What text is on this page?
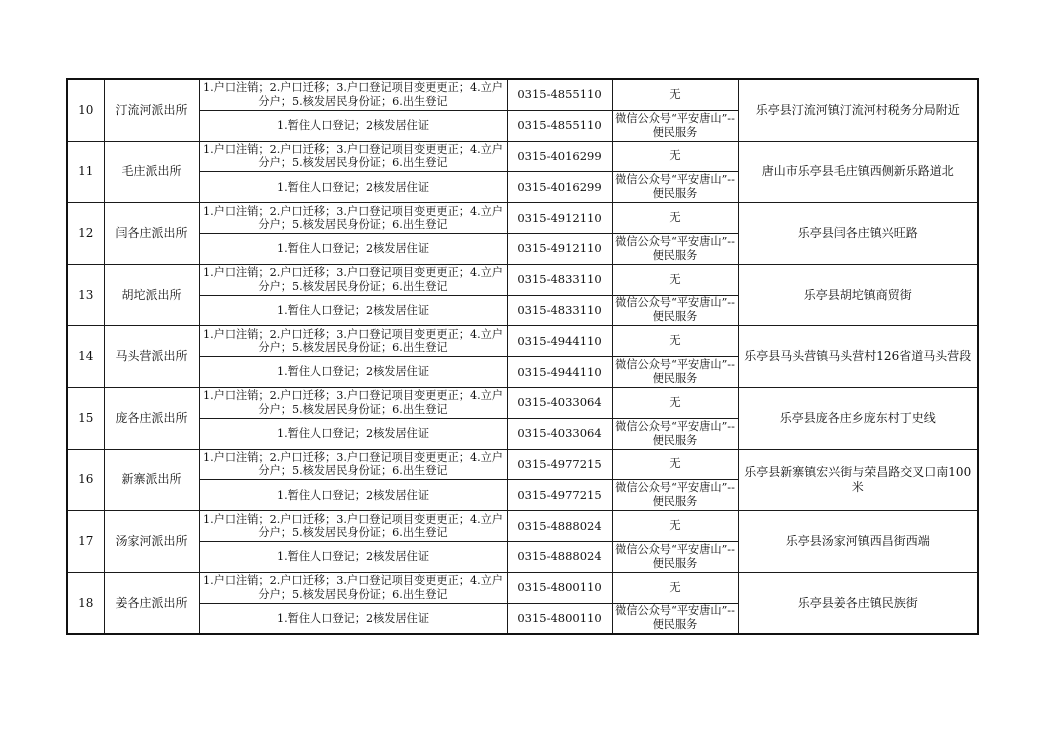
10	汀流河派出所	1.户口注销；2.户口迁移；3.户口登记项目变更更正；4.立户分户；5.核发居民身份证；6.出生登记	0315-4855110	无	乐亭县汀流河镇汀流河村税务分局附近
		1.暂住人口登记；2核发居住证	0315-4855110	微信公众号“平安唐山”--便民服务	
11	毛庄派出所	1.户口注销；2.户口迁移；3.户口登记项目变更更正；4.立户分户；5.核发居民身份证；6.出生登记	0315-4016299	无	唐山市乐亭县毛庄镇西侧新乐路道北
		1.暂住人口登记；2核发居住证	0315-4016299	微信公众号“平安唐山”--便民服务	
12	闫各庄派出所	1.户口注销；2.户口迁移；3.户口登记项目变更更正；4.立户分户；5.核发居民身份证；6.出生登记	0315-4912110	无	乐亭县闫各庄镇兴旺路
		1.暂住人口登记；2核发居住证	0315-4912110	微信公众号“平安唐山”--便民服务	
13	胡坨派出所	1.户口注销；2.户口迁移；3.户口登记项目变更更正；4.立户分户；5.核发居民身份证；6.出生登记	0315-4833110	无	乐亭县胡坨镇商贸街
		1.暂住人口登记；2核发居住证	0315-4833110	微信公众号“平安唐山”--便民服务	
14	马头营派出所	1.户口注销；2.户口迁移；3.户口登记项目变更更正；4.立户分户；5.核发居民身份证；6.出生登记	0315-4944110	无	乐亭县马头营镇马头营村126省道马头营段
		1.暂住人口登记；2核发居住证	0315-4944110	微信公众号“平安唐山”--便民服务	
15	庞各庄派出所	1.户口注销；2.户口迁移；3.户口登记项目变更更正；4.立户分户；5.核发居民身份证；6.出生登记	0315-4033064	无	乐亭县庞各庄乡庞东村丁史线
		1.暂住人口登记；2核发居住证	0315-4033064	微信公众号“平安唐山”--便民服务	
16	新寨派出所	1.户口注销；2.户口迁移；3.户口登记项目变更更正；4.立户分户；5.核发居民身份证；6.出生登记	0315-4977215	无	乐亭县新寨镇宏兴街与荣昌路交叉口南100米
		1.暂住人口登记；2核发居住证	0315-4977215	微信公众号“平安唐山”--便民服务	
17	汤家河派出所	1.户口注销；2.户口迁移；3.户口登记项目变更更正；4.立户分户；5.核发居民身份证；6.出生登记	0315-4888024	无	乐亭县汤家河镇西昌街西端
		1.暂住人口登记；2核发居住证	0315-4888024	微信公众号“平安唐山”--便民服务	
18	姜各庄派出所	1.户口注销；2.户口迁移；3.户口登记项目变更更正；4.立户分户；5.核发居民身份证；6.出生登记	0315-4800110	无	乐亭县姜各庄镇民族街
		1.暂住人口登记；2核发居住证	0315-4800110	微信公众号“平安唐山”--便民服务	
